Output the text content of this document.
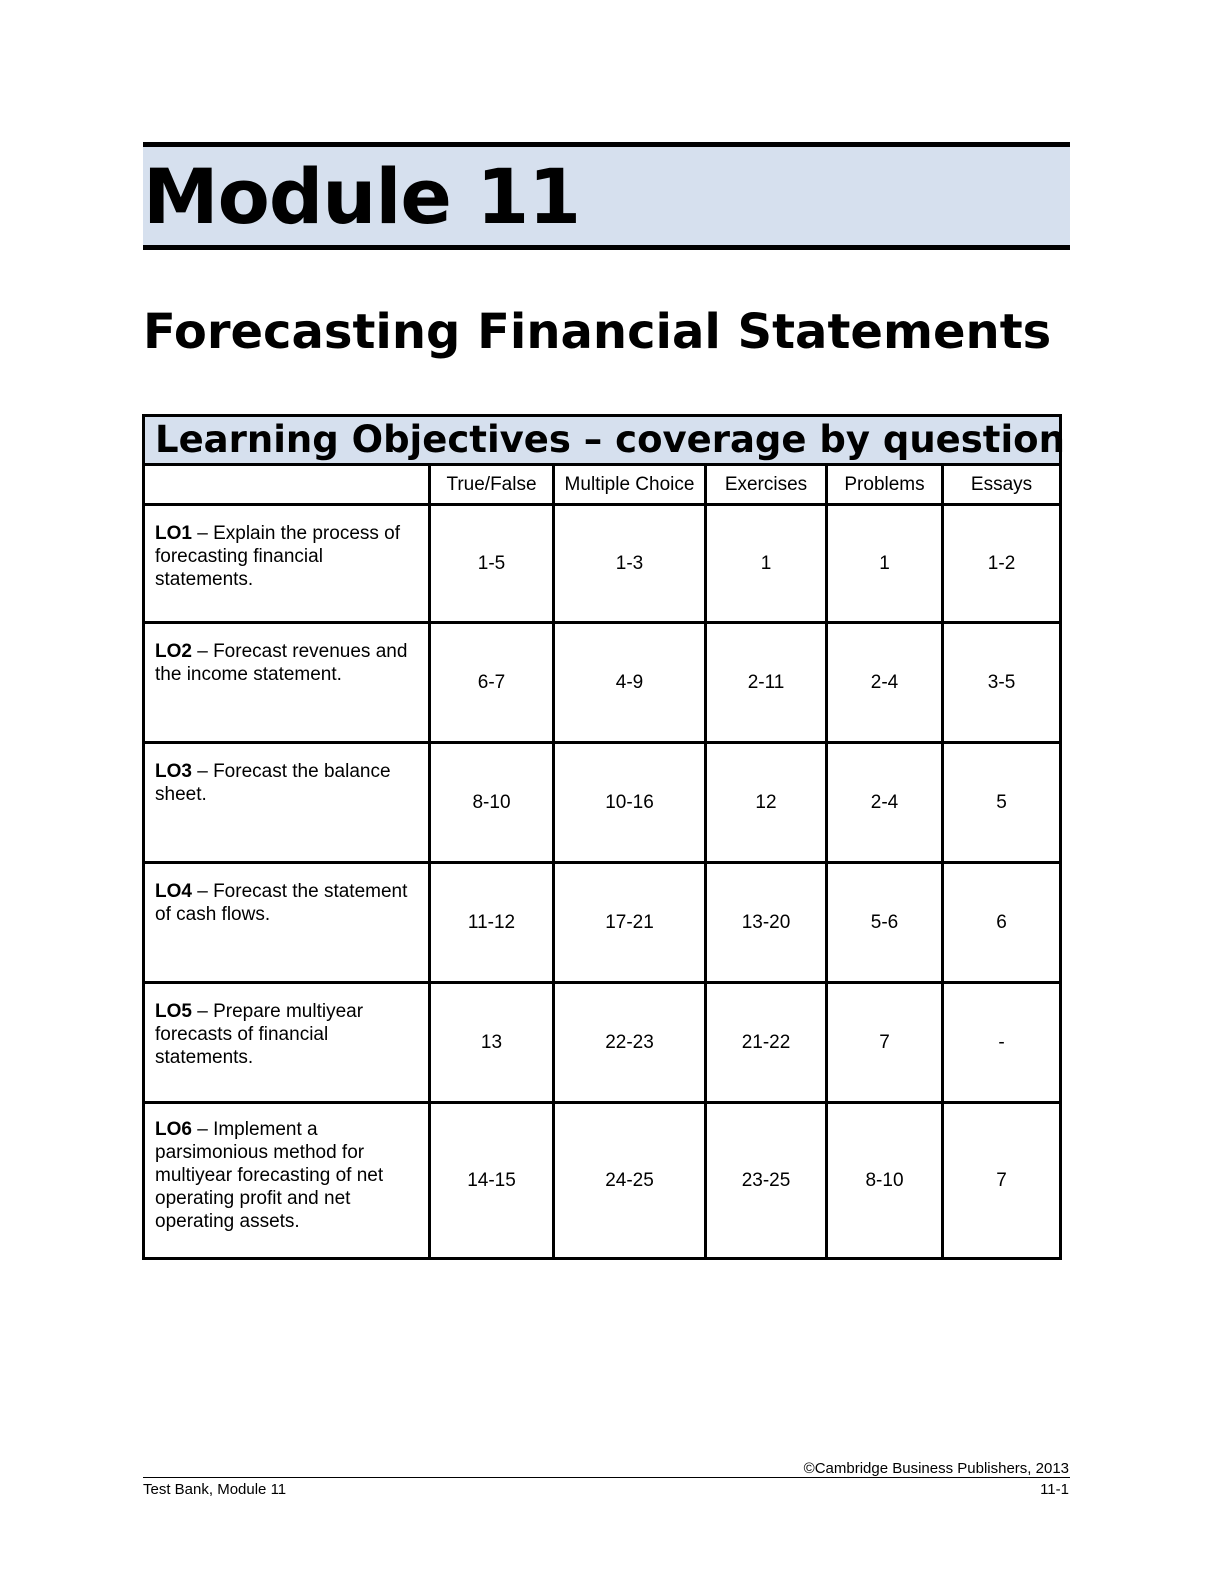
Module 11
Forecasting Financial Statements
Learning Objectives – coverage by question					
	True/False	Multiple Choice	Exercises	Problems	Essays
LO1 – Explain the process of forecasting financial statements.	1-5	1-3	1	1	1-2
LO2 – Forecast revenues and the income statement.	6-7	4-9	2-11	2-4	3-5
LO3 – Forecast the balance sheet.	8-10	10-16	12	2-4	5
LO4 – Forecast the statement of cash flows.	11-12	17-21	13-20	5-6	6
LO5 – Prepare multiyear forecasts of financial statements.	13	22-23	21-22	7	-
LO6 – Implement a parsimonious method for multiyear forecasting of net operating profit and net operating assets.	14-15	24-25	23-25	8-10	7
©Cambridge Business Publishers, 2013
Test Bank, Module 11	11-1
